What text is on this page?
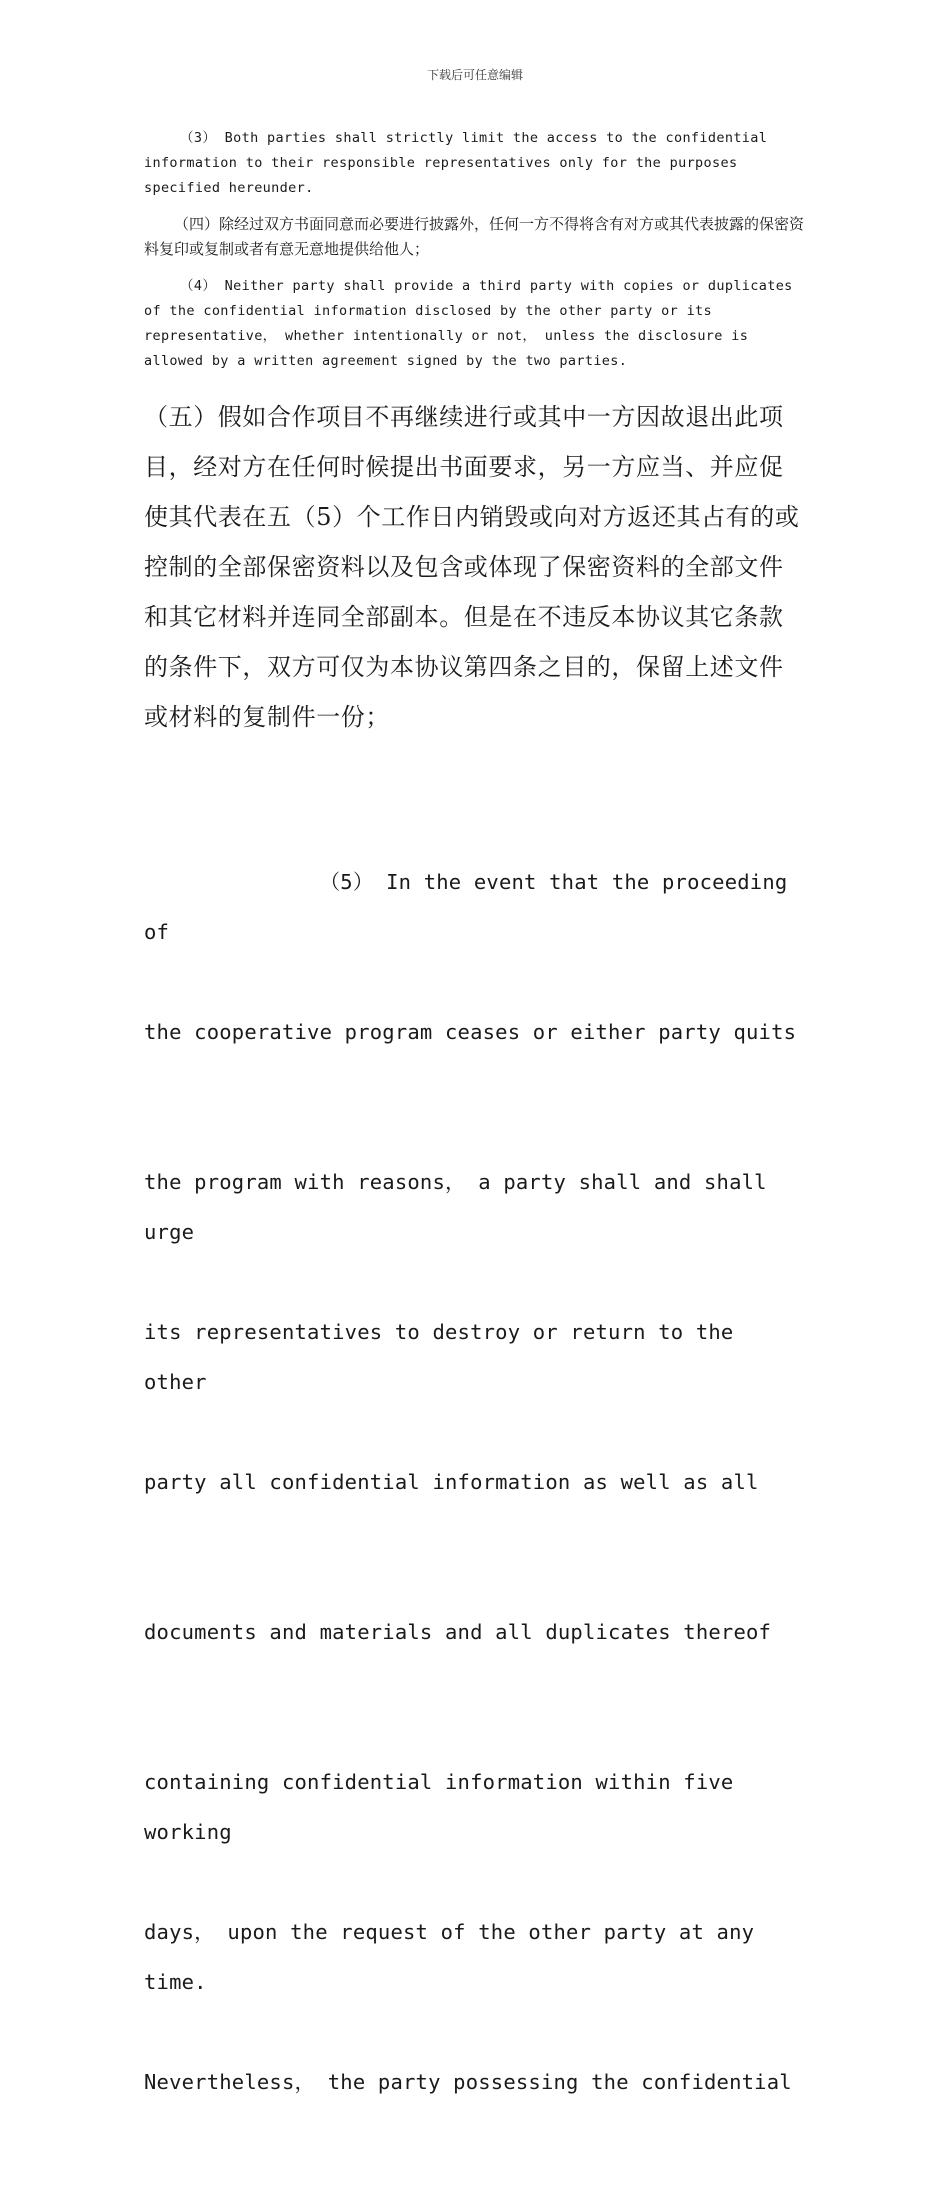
下载后可任意编辑

（3） Both parties shall strictly limit the access to the confidential information to their responsible representatives only for the purposes specified hereunder.

（四）除经过双方书面同意而必要进行披露外，任何一方不得将含有对方或其代表披露的保密资料复印或复制或者有意无意地提供给他人；

（4） Neither party shall provide a third party with copies or duplicates of the confidential information disclosed by the other party or its representative， whether intentionally or not， unless the disclosure is allowed by a written agreement signed by the two parties.

（五）假如合作项目不再继续进行或其中一方因故退出此项目，经对方在任何时候提出书面要求，另一方应当、并应促使其代表在五（5）个工作日内销毁或向对方返还其占有的或控制的全部保密资料以及包含或体现了保密资料的全部文件和其它材料并连同全部副本。但是在不违反本协议其它条款的条件下，双方可仅为本协议第四条之目的，保留上述文件或材料的复制件一份；

（5） In the event that the proceeding of

the cooperative program ceases or either party quits

the program with reasons， a party shall and shall urge

its representatives to destroy or return to the other

party all confidential information as well as all

documents and materials and all duplicates thereof

containing confidential information within five working

days， upon the request of the other party at any time.

Nevertheless， the party possessing the confidential
